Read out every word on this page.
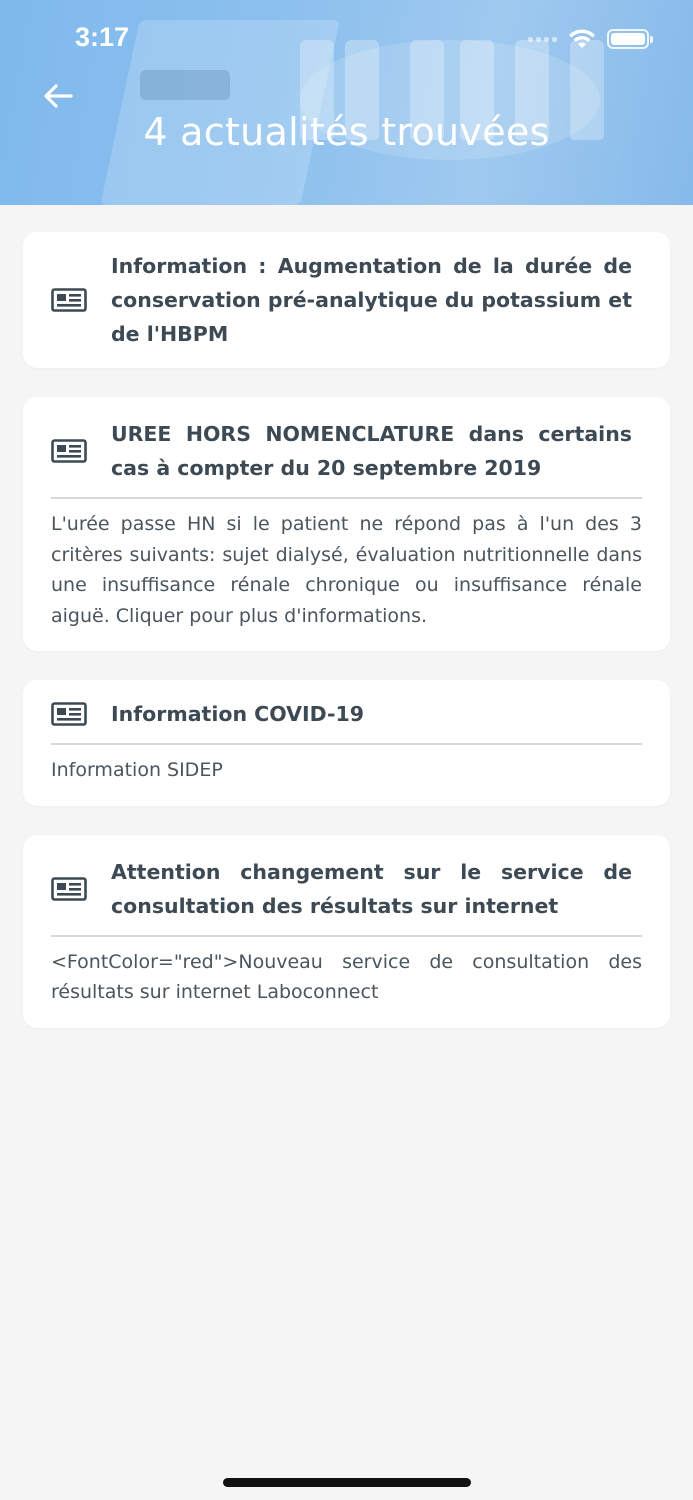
3:17
4 actualités trouvées
Information : Augmentation de la durée de conservation pré-analytique du potassium et de l'HBPM
UREE HORS NOMENCLATURE dans certains cas à compter du 20 septembre 2019
L'urée passe HN si le patient ne répond pas à l'un des 3 critères suivants: sujet dialysé, évaluation nutritionnelle dans une insuffisance rénale chronique ou insuffisance rénale aiguë. Cliquer pour plus d'informations.
Information COVID-19
Information SIDEP
Attention changement sur le service de consultation des résultats sur internet
<FontColor="red">Nouveau service de consultation des résultats sur internet Laboconnect
